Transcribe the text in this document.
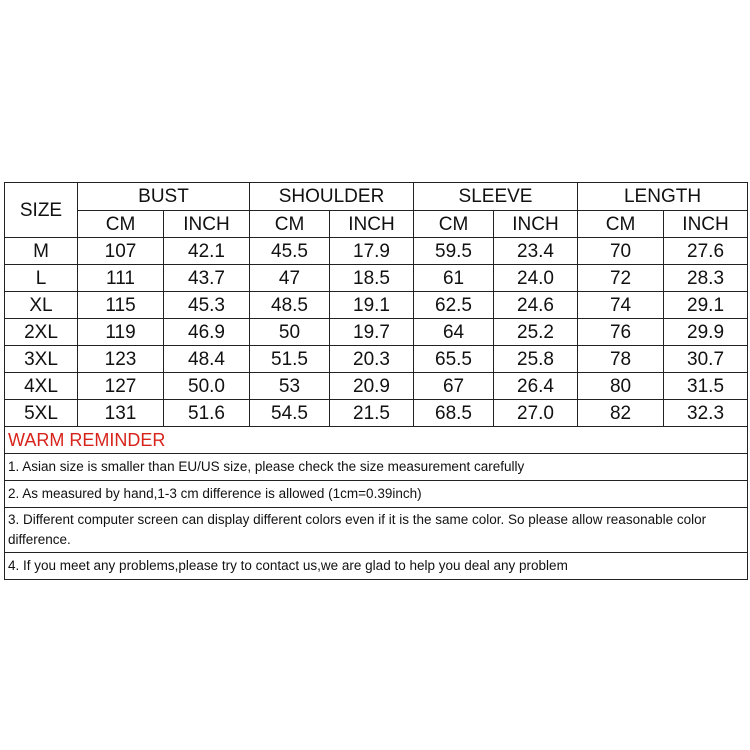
SIZE	BUST		SHOULDER		SLEEVE		LENGTH	
	CM	INCH	CM	INCH	CM	INCH	CM	INCH
M	107	42.1	45.5	17.9	59.5	23.4	70	27.6
L	111	43.7	47	18.5	61	24.0	72	28.3
XL	115	45.3	48.5	19.1	62.5	24.6	74	29.1
2XL	119	46.9	50	19.7	64	25.2	76	29.9
3XL	123	48.4	51.5	20.3	65.5	25.8	78	30.7
4XL	127	50.0	53	20.9	67	26.4	80	31.5
5XL	131	51.6	54.5	21.5	68.5	27.0	82	32.3
WARM REMINDER								
1. Asian size is smaller than EU/US size, please check the size measurement carefully								
2. As measured by hand,1-3 cm difference is allowed (1cm=0.39inch)								
3. Different computer screen can display different colors even if it is the same color. So please allow reasonable color difference.								
4. If you meet any problems,please try to contact us,we are glad to help you deal any problem								
